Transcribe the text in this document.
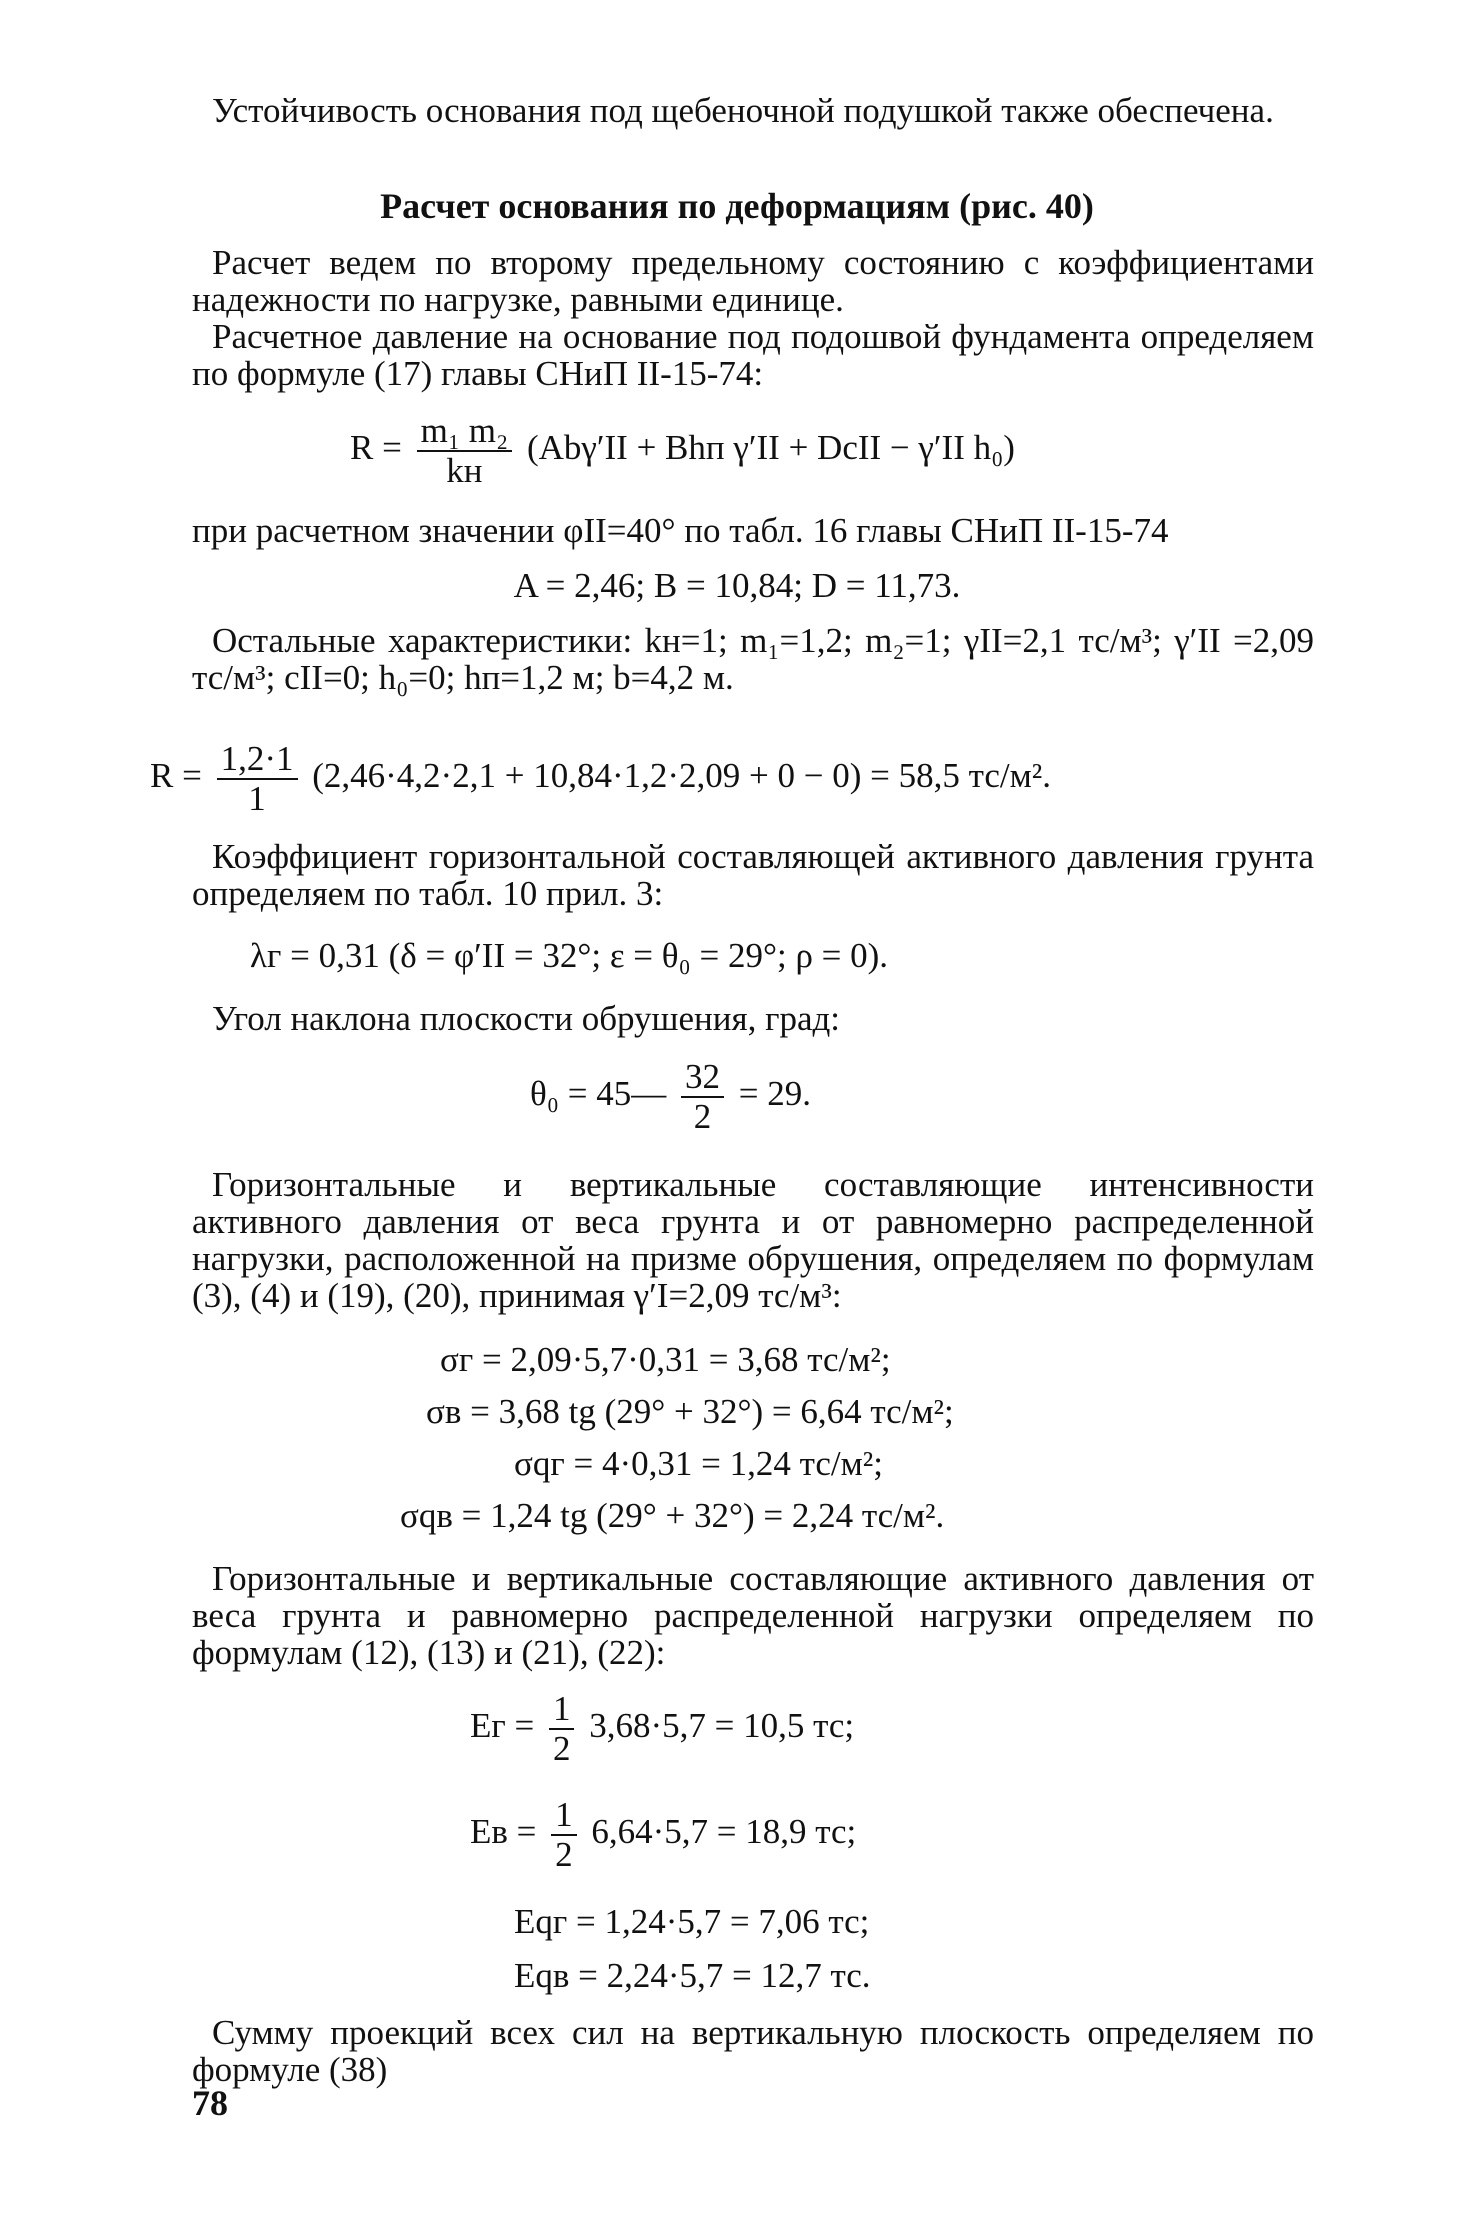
Устойчивость основания под щебеночной подушкой также обеспечена.
Расчет основания по деформациям (рис. 40)
Расчет ведем по второму предельному состоянию с коэффициентами надежности по нагрузке, равными единице.
Расчетное давление на основание под подошвой фундамента определяем по формуле (17) главы СНиП II-15-74:
$R = \frac{\text{m₁ m₂}}{kн} (Ab\gamma'II$ + Bhп γ′II + DcII − γ′II h₀)
при расчетном значении φII=40° по табл. 16 главы СНиП II-15-74
A = 2,46; B = 10,84; D = 11,73.
Остальные характеристики: kн=1; m₁=1,2; m₂=1; γII=2,1 тс/м³; γ′II =2,09 тс/м³; cII=0; h₀=0; hп=1,2 м; b=4,2 м.
$R = \frac{1,2\cdot 1}{1} (2,46\cdot 4,2\cdot 2,1 + 10,84\cdot 1,2\cdot 2,09 + 0 - 0) = 58,5$ тс/м².
Коэффициент горизонтальной составляющей активного давления грунта определяем по табл. 10 прил. 3:
λг = 0,31 (δ = φ′II = 32°; ε = θ₀ = 29°; ρ = 0).
Угол наклона плоскости обрушения, град:
θ₀ = 45— $\frac{32}{2} = 29$.
Горизонтальные и вертикальные составляющие интенсивности активного давления от веса грунта и от равномерно распределенной нагрузки, расположенной на призме обрушения, определяем по формулам (3), (4) и (19), (20), принимая γ′I=2,09 тс/м³:
σг = 2,09·5,7·0,31 = 3,68 тс/м²;
σв = 3,68 tg (29° + 32°) = 6,64 тс/м²;
σqг = 4·0,31 = 1,24 тс/м²;
σqв = 1,24 tg (29° + 32°) = 2,24 тс/м².
Горизонтальные и вертикальные составляющие активного давления от веса грунта и равномерно распределенной нагрузки определяем по формулам (12), (13) и (21), (22):
Eг = $\frac{1}{2} 3,68\cdot 5,7 = 10,5$ тс;
Eв = $\frac{1}{2} 6,64\cdot 5,7 = 18,9$ тс;
Eqг = 1,24·5,7 = 7,06 тс;
Eqв = 2,24·5,7 = 12,7 тс.
Сумму проекций всех сил на вертикальную плоскость определяем по формуле (38)
78
